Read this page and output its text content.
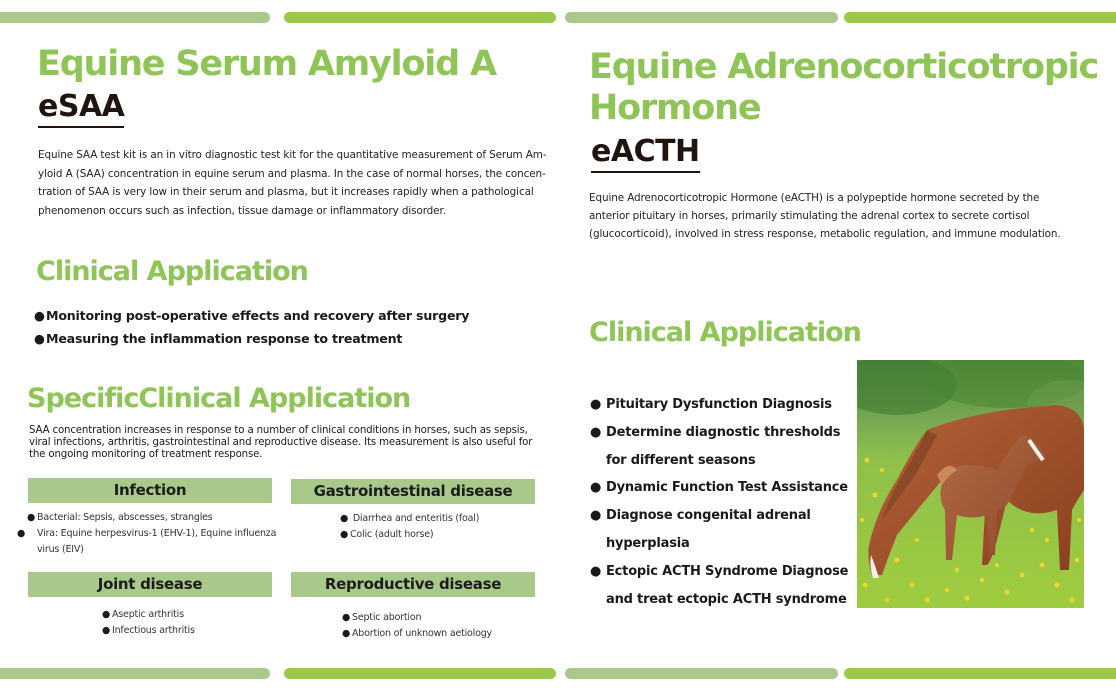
Equine Serum Amyloid A
eSAA
Equine SAA test kit is an in vitro diagnostic test kit for the quantitative measurement of Serum Am-
yloid A (SAA) concentration in equine serum and plasma. In the case of normal horses, the concen-
tration of SAA is very low in their serum and plasma, but it increases rapidly when a pathological
phenomenon occurs such as infection, tissue damage or inflammatory disorder.
Clinical Application
●Monitoring post-operative effects and recovery after surgery
●Measuring the inflammation response to treatment
SpecificClinical Application
SAA concentration increases in response to a number of clinical conditions in horses, such as sepsis,
viral infections, arthritis, gastrointestinal and reproductive disease. Its measurement is also useful for
the ongoing monitoring of treatment response.
Infection
● Bacterial: Sepsis, abscesses, strangles
● Vira: Equine herpesvirus-1 (EHV-1), Equine influenza virus (EIV)
Gastrointestinal disease
● Diarrhea and enteritis (foal)
● Colic (adult horse)
Joint disease
● Aseptic arthritis
● Infectious arthritis
Reproductive disease
● Septic abortion
● Abortion of unknown aetiology
Equine Adrenocorticotropic
Hormone
eACTH
Equine Adrenocorticotropic Hormone (eACTH) is a polypeptide hormone secreted by the
anterior pituitary in horses, primarily stimulating the adrenal cortex to secrete cortisol
(glucocorticoid), involved in stress response, metabolic regulation, and immune modulation.
Clinical Application
● Pituitary Dysfunction Diagnosis
● Determine diagnostic thresholds
for different seasons
● Dynamic Function Test Assistance
● Diagnose congenital adrenal
hyperplasia
● Ectopic ACTH Syndrome Diagnose
and treat ectopic ACTH syndrome
